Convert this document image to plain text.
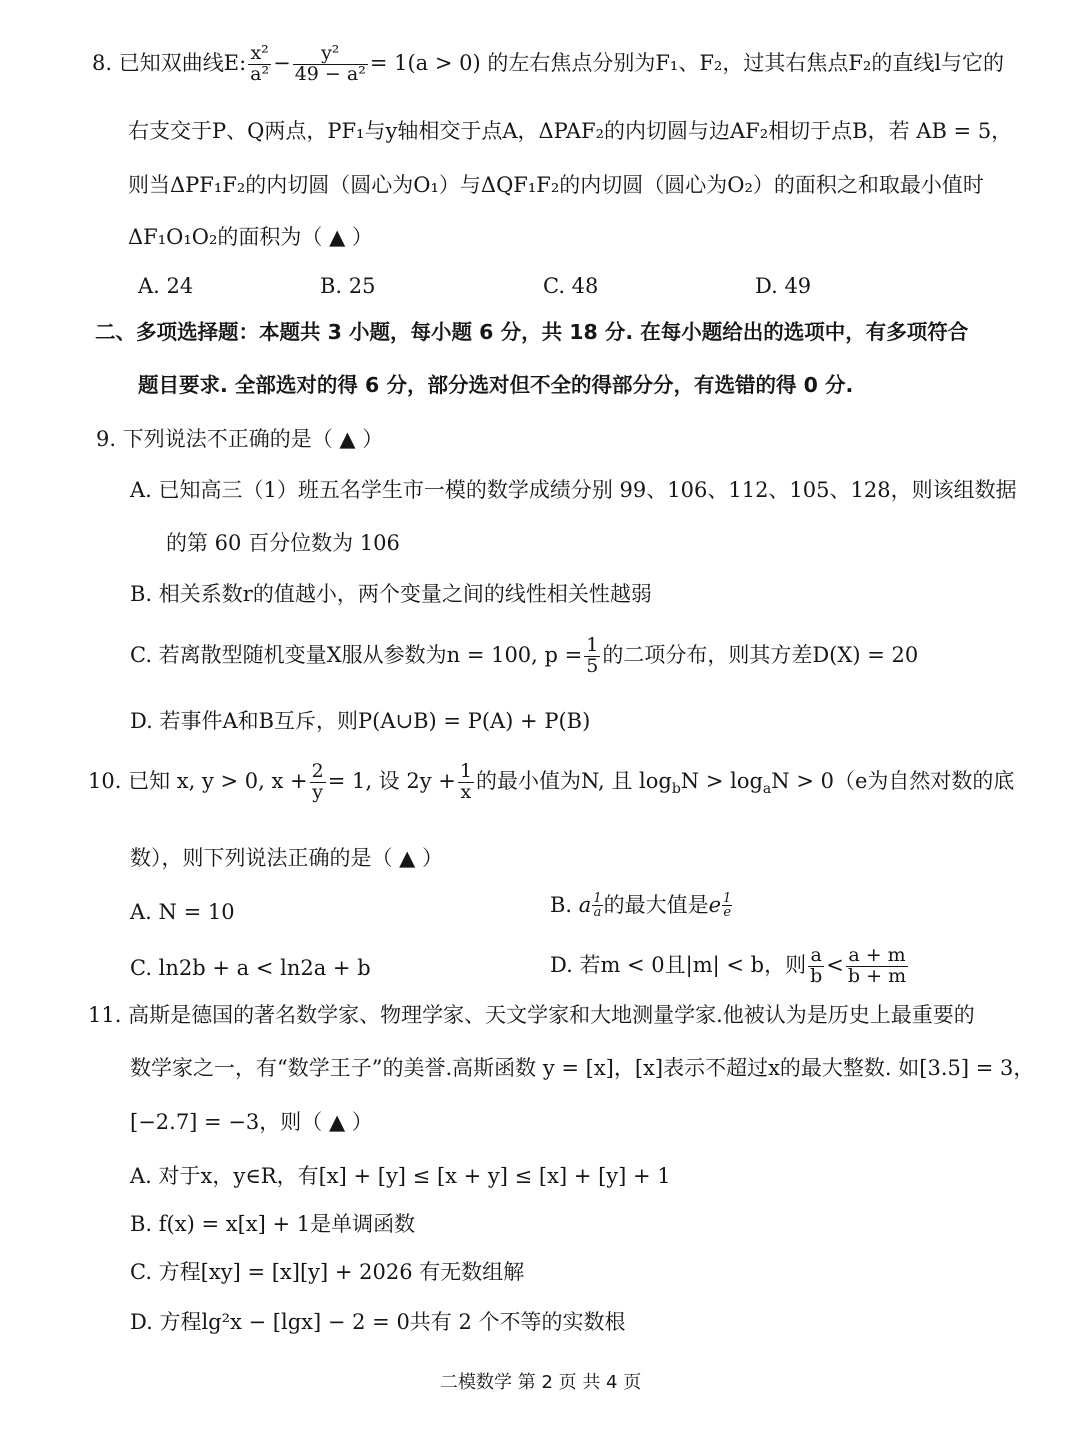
8. 已知双曲线E: $\frac{\text{x²}}{\text{a²}} - \frac{\text{y²}}{\text{49 − a²}} = 1(a > 0)$ 的左右焦点分别为F₁、F₂，过其右焦点F₂的直线l与它的
右支交于P、Q两点，PF₁与y轴相交于点A，ΔPAF₂的内切圆与边AF₂相切于点B，若 AB = 5，
则当ΔPF₁F₂的内切圆（圆心为O₁）与ΔQF₁F₂的内切圆（圆心为O₂）的面积之和取最小值时
ΔF₁O₁O₂的面积为（ ▲ ）
A. 24	B. 25	C. 48	D. 49
二、多项选择题：本题共 3 小题，每小题 6 分，共 18 分. 在每小题给出的选项中，有多项符合
题目要求. 全部选对的得 6 分，部分选对但不全的得部分分，有选错的得 0 分.
9. 下列说法不正确的是（ ▲ ）
A. 已知高三（1）班五名学生市一模的数学成绩分别 99、106、112、105、128，则该组数据
的第 60 百分位数为 106
B. 相关系数r的值越小，两个变量之间的线性相关性越弱
C. 若离散型随机变量X服从参数为n = 100, $p = \frac{1}{5}$ 的二项分布，则其方差D(X) = 20
D. 若事件A和B互斥，则P(A∪B) = P(A) + P(B)
10. 已知 x, y > 0, $x + \frac{2}{y} = 1$, 设 $2y + \frac{1}{x}$ 的最小值为N, 且 $\log_bN > \log_aN > 0(e$为自然对数的底
数），则下列说法正确的是（ ▲ ）
A. N = 10	B. a $^{\frac{1}{a}}$ 的最大值是e $^{\frac{1}{e}}$
C. ln2b + a < ln2a + b	D. 若m < 0且|m| < b，则 $\frac{a}{b} < \frac{a + m}{b + m}$
11. 高斯是德国的著名数学家、物理学家、天文学家和大地测量学家.他被认为是历史上最重要的
数学家之一，有“数学王子”的美誉.高斯函数 y = [x]，[x]表示不超过x的最大整数. 如[3.5] = 3，
[−2.7] = −3，则（ ▲ ）
A. 对于x，y∈R，有[x] + [y] ≤ [x + y] ≤ [x] + [y] + 1
B. f(x) = x[x] + 1是单调函数
C. 方程[xy] = [x][y] + 2026 有无数组解
D. 方程lg²x − [lgx] − 2 = 0共有 2 个不等的实数根
二模数学 第 2 页 共 4 页
